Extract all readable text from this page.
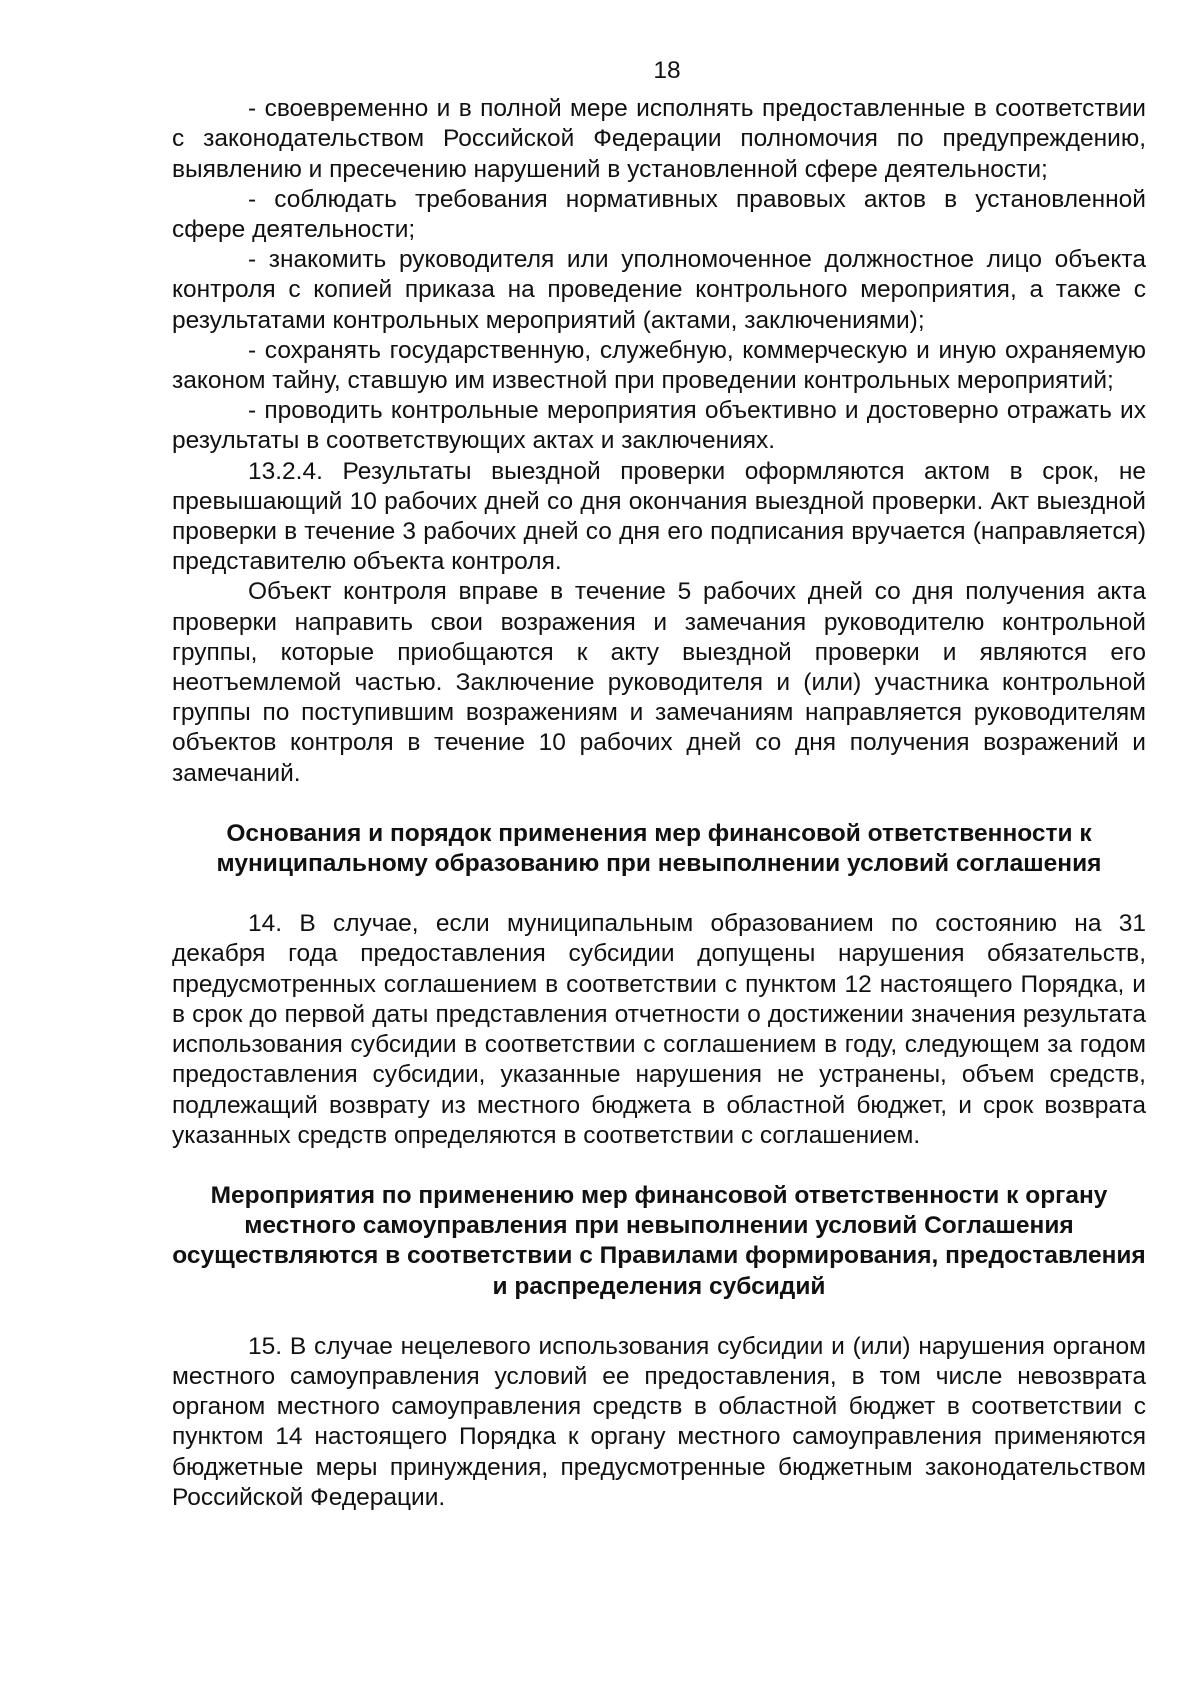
18

- своевременно и в полной мере исполнять предоставленные в соответствии с законодательством Российской Федерации полномочия по предупреждению, выявлению и пресечению нарушений в установленной сфере деятельности;

- соблюдать требования нормативных правовых актов в установленной сфере деятельности;

- знакомить руководителя или уполномоченное должностное лицо объекта контроля с копией приказа на проведение контрольного мероприятия, а также с результатами контрольных мероприятий (актами, заключениями);

- сохранять государственную, служебную, коммерческую и иную охраняемую законом тайну, ставшую им известной при проведении контрольных мероприятий;

- проводить контрольные мероприятия объективно и достоверно отражать их результаты в соответствующих актах и заключениях.

13.2.4. Результаты выездной проверки оформляются актом в срок, не превышающий 10 рабочих дней со дня окончания выездной проверки. Акт выездной проверки в течение 3 рабочих дней со дня его подписания вручается (направляется) представителю объекта контроля.

Объект контроля вправе в течение 5 рабочих дней со дня получения акта проверки направить свои возражения и замечания руководителю контрольной группы, которые приобщаются к акту выездной проверки и являются его неотъемлемой частью. Заключение руководителя и (или) участника контрольной группы по поступившим возражениям и замечаниям направляется руководителям объектов контроля в течение 10 рабочих дней со дня получения возражений и замечаний.

Основания и порядок применения мер финансовой ответственности к муниципальному образованию при невыполнении условий соглашения

14. В случае, если муниципальным образованием по состоянию на 31 декабря года предоставления субсидии допущены нарушения обязательств, предусмотренных соглашением в соответствии с пунктом 12 настоящего Порядка, и в срок до первой даты представления отчетности о достижении значения результата использования субсидии в соответствии с соглашением в году, следующем за годом предоставления субсидии, указанные нарушения не устранены, объем средств, подлежащий возврату из местного бюджета в областной бюджет, и срок возврата указанных средств определяются в соответствии с соглашением.

Мероприятия по применению мер финансовой ответственности к органу местного самоуправления при невыполнении условий Соглашения осуществляются в соответствии с Правилами формирования, предоставления и распределения субсидий

15. В случае нецелевого использования субсидии и (или) нарушения органом местного самоуправления условий ее предоставления, в том числе невозврата органом местного самоуправления средств в областной бюджет в соответствии с пунктом 14 настоящего Порядка к органу местного самоуправления применяются бюджетные меры принуждения, предусмотренные бюджетным законодательством Российской Федерации.
